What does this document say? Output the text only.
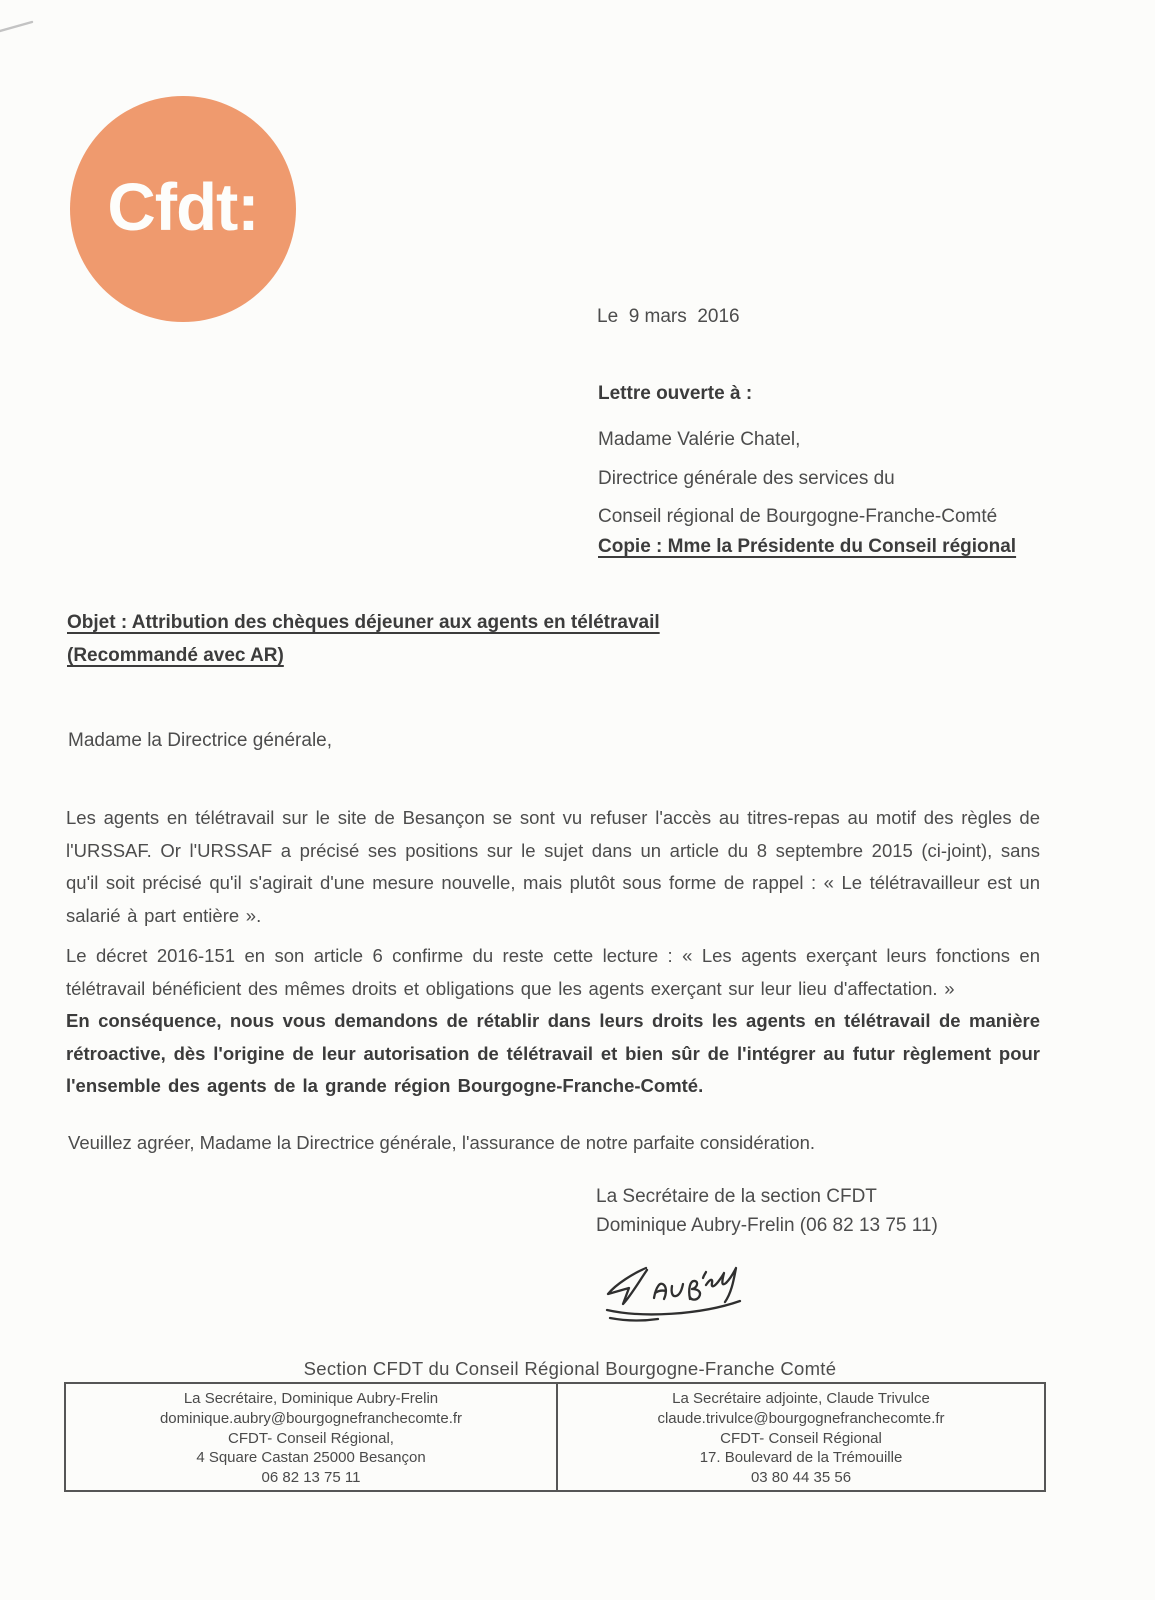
Cfdt:
Le  9 mars  2016
Lettre ouverte à :
Madame Valérie Chatel,
Directrice générale des services du
Conseil régional de Bourgogne-Franche-Comté
Copie : Mme la Présidente du Conseil régional
Objet : Attribution des chèques déjeuner aux agents en télétravail
(Recommandé avec AR)
Madame la Directrice générale,
Les agents en télétravail sur le site de Besançon se sont vu refuser l'accès au titres-repas au motif des règles de l'URSSAF. Or l'URSSAF a précisé ses positions sur le sujet dans un article du 8 septembre 2015 (ci-joint), sans qu'il soit précisé qu'il s'agirait d'une mesure nouvelle, mais plutôt sous forme de rappel : « Le télétravailleur est un salarié à part entière ».

Le décret 2016-151 en son article 6 confirme du reste cette lecture : « Les agents exerçant leurs fonctions en télétravail bénéficient des mêmes droits et obligations que les agents exerçant sur leur lieu d'affectation. »

En conséquence, nous vous demandons de rétablir dans leurs droits les agents en télétravail de manière rétroactive, dès l'origine de leur autorisation de télétravail et bien sûr de l'intégrer au futur règlement pour l'ensemble des agents de la grande région Bourgogne-Franche-Comté.

Veuillez agréer, Madame la Directrice générale, l'assurance de notre parfaite considération.
La Secrétaire de la section CFDT
Dominique Aubry-Frelin (06 82 13 75 11)
Section CFDT du Conseil Régional Bourgogne-Franche Comté
La Secrétaire, Dominique Aubry-Frelin
dominique.aubry@bourgognefranchecomte.fr
CFDT- Conseil Régional,
4 Square Castan 25000 Besançon
06 82 13 75 11
La Secrétaire adjointe, Claude Trivulce
claude.trivulce@bourgognefranchecomte.fr
CFDT- Conseil Régional
17. Boulevard de la Trémouille
03 80 44 35 56
